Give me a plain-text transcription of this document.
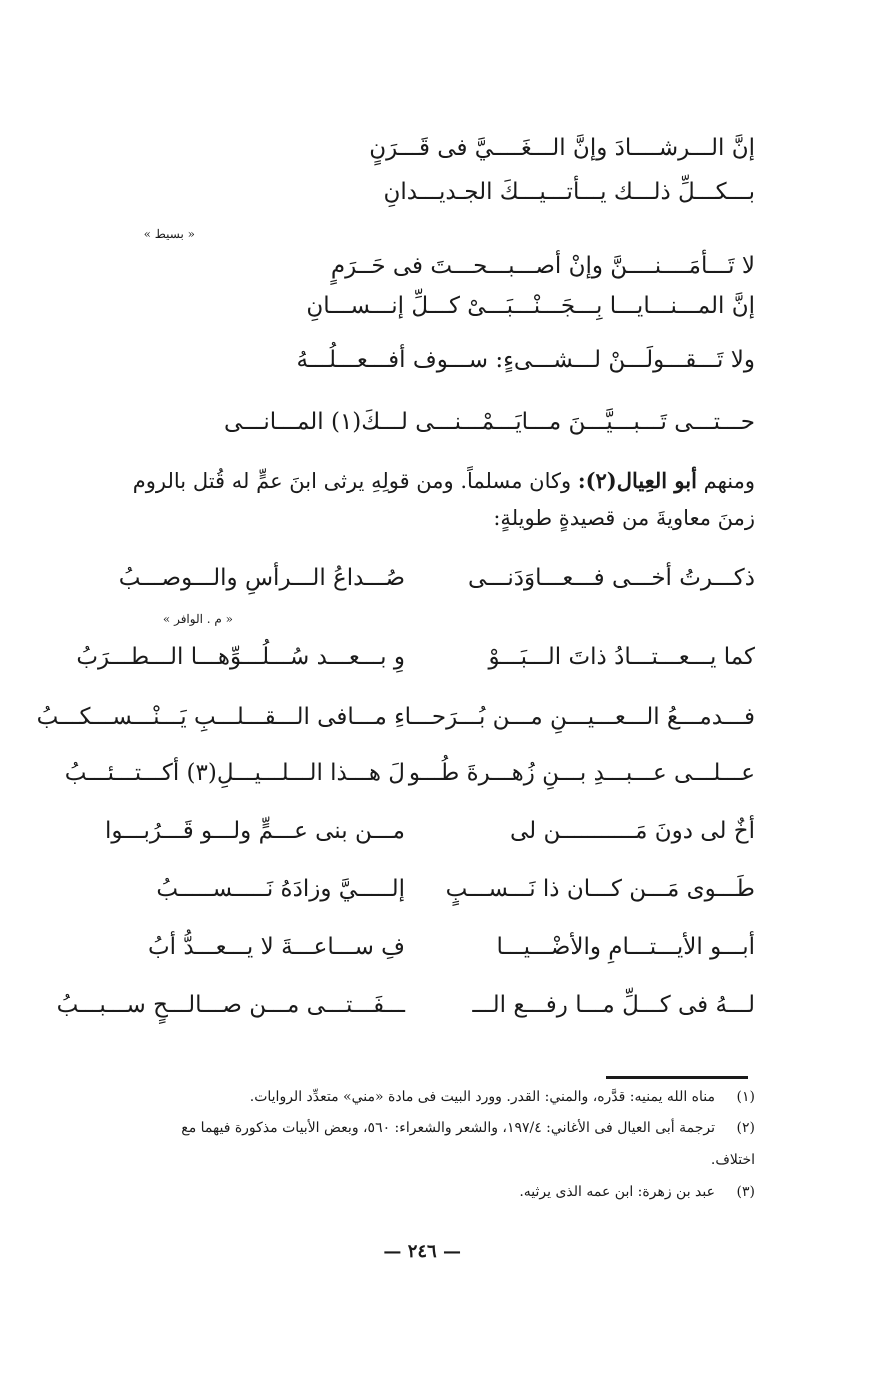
إنَّ الـــرشــــادَ وإنَّ الـــغَــــيَّ فى قَـــرَنٍ
بـــكـــلِّ ذلـــك يـــأتـــيـــكَ الجـديـــدانِ
« بسيط »
لا تَـــأمَــــنــــنَّ وإنْ أصـــبـــحـــتَ فى حَــرَمٍ
إنَّ المـــنـــايـــا بِـــجَـــنْـــبَـــىْ كـــلِّ إنـــســـانِ
ولا تَـــقـــولَـــنْ لـــشـــىءٍ: ســـوف أفـــعـــلُـــهُ
حـــتـــى تَـــبـــيَّـــنَ مـــايَـــمْـــنـــى لـــكَ(١) المـــانـــى
ومنهم أبو العِيال(٢): وكان مسلماً. ومن قولِهِ يرثى ابنَ عمٍّ له قُتل بالروم
زمنَ معاويةَ من قصيدةٍ طويلةٍ:
ذكـــرتُ أخـــى فـــعـــاوَدَنـــى
صُـــداعُ الـــرأسِ والـــوصـــبُ
« م . الوافر »
كما يـــعـــتـــادُ ذاتَ الـــبَـــوْ
وِ بـــعـــد سُـــلُـــوِّهـــا الـــطـــرَبُ
فـــدمـــعُ الـــعـــيـــنِ مـــن بُـــرَحـــا
ءِ مـــافى الـــقـــلـــبِ يَـــنْـــســـكـــبُ
عـــلـــى عـــبـــدِ بـــنِ زُهـــرةَ طُـــو
لَ هـــذا الـــلـــيـــلِ(٣) أكـــتـــئـــبُ
أخٌ لى دونَ مَـــــــــــن لى
مـــن بنى عـــمٍّ ولـــو قَـــرُبـــوا
طَـــوى مَـــن كـــان ذا نَـــســـبٍ
إلـــــيَّ وزادَهُ نَـــــســـــبُ
أبـــو الأيـــتـــامِ والأضْـــيـــا
فِ ســـاعـــةَ لا يـــعـــدُّ أبُ
لـــهُ فى كـــلِّ مـــا رفـــع الـــ
ـــفَـــتـــى مـــن صـــالـــحٍ ســـبـــبُ
(١)
مناه الله يمنيه: قدَّره، والمني: القدر. وورد البيت فى مادة «مني» متعدِّد الروايات.
(٢)
ترجمة أبى العيال فى الأغاني: ١٩٧/٤، والشعر والشعراء: ٥٦٠، وبعض الأبيات مذكورة فيهما مع
اختلاف.
(٣)
عبد بن زهرة: ابن عمه الذى يرثيه.
— ٢٤٦ —
